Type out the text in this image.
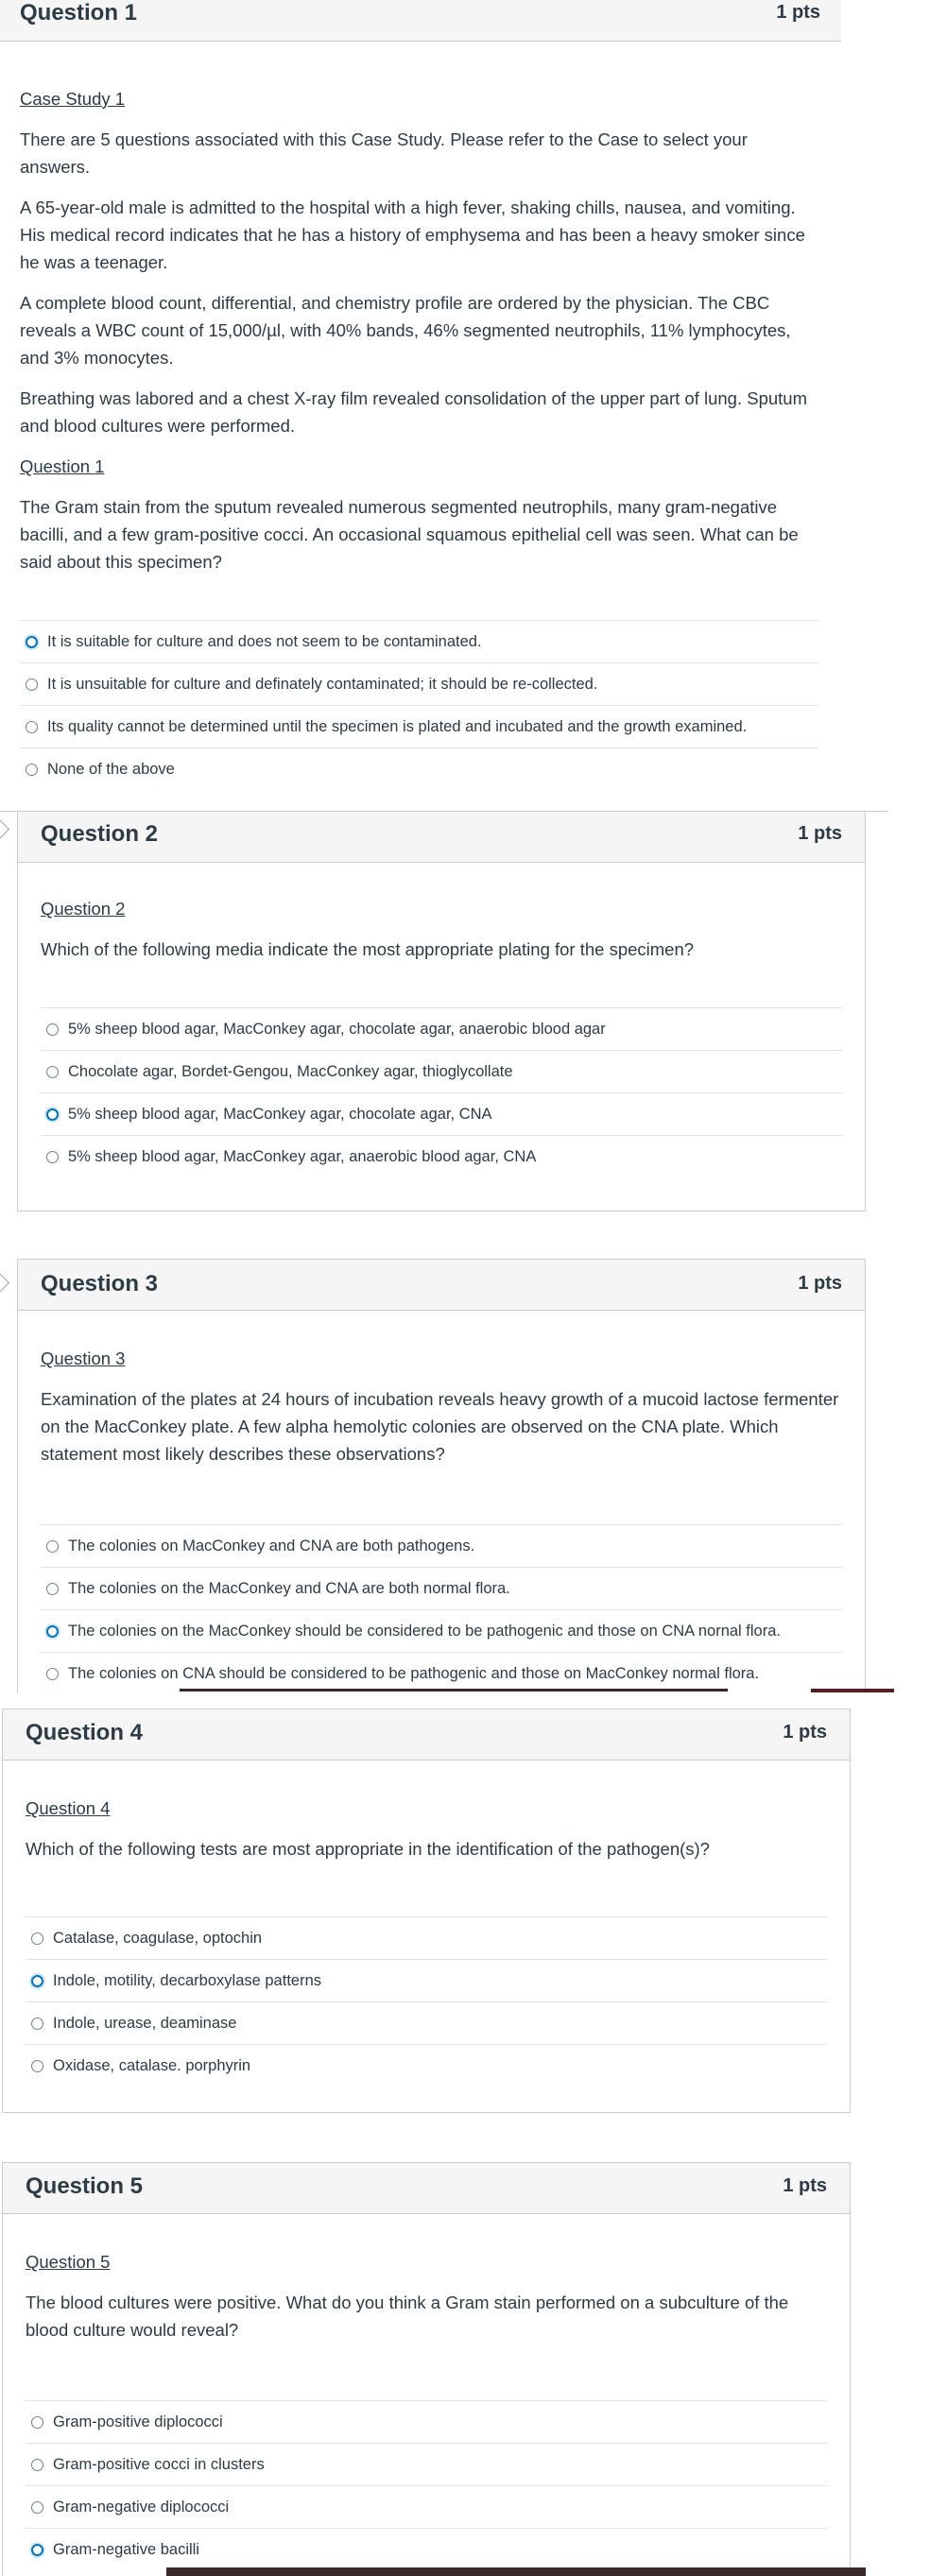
Question 1	1 pts

Case Study 1

There are 5 questions associated with this Case Study. Please refer to the Case to select your answers.

A 65-year-old male is admitted to the hospital with a high fever, shaking chills, nausea, and vomiting. His medical record indicates that he has a history of emphysema and has been a heavy smoker since he was a teenager.

A complete blood count, differential, and chemistry profile are ordered by the physician. The CBC reveals a WBC count of 15,000/µl, with 40% bands, 46% segmented neutrophils, 11% lymphocytes, and 3% monocytes.

Breathing was labored and a chest X-ray film revealed consolidation of the upper part of lung. Sputum and blood cultures were performed.

Question 1

The Gram stain from the sputum revealed numerous segmented neutrophils, many gram-negative bacilli, and a few gram-positive cocci. An occasional squamous epithelial cell was seen. What can be said about this specimen?

It is suitable for culture and does not seem to be contaminated.
It is unsuitable for culture and definately contaminated; it should be re-collected.
Its quality cannot be determined until the specimen is plated and incubated and the growth examined.
None of the above
Question 2	1 pts

Question 2

Which of the following media indicate the most appropriate plating for the specimen?

5% sheep blood agar, MacConkey agar, chocolate agar, anaerobic blood agar
Chocolate agar, Bordet-Gengou, MacConkey agar, thioglycollate
5% sheep blood agar, MacConkey agar, chocolate agar, CNA
5% sheep blood agar, MacConkey agar, anaerobic blood agar, CNA
Question 3	1 pts

Question 3

Examination of the plates at 24 hours of incubation reveals heavy growth of a mucoid lactose fermenter on the MacConkey plate. A few alpha hemolytic colonies are observed on the CNA plate. Which statement most likely describes these observations?

The colonies on MacConkey and CNA are both pathogens.
The colonies on the MacConkey and CNA are both normal flora.
The colonies on the MacConkey should be considered to be pathogenic and those on CNA nornal flora.
The colonies on CNA should be considered to be pathogenic and those on MacConkey normal flora.
Question 4	1 pts

Question 4

Which of the following tests are most appropriate in the identification of the pathogen(s)?

Catalase, coagulase, optochin
Indole, motility, decarboxylase patterns
Indole, urease, deaminase
Oxidase, catalase. porphyrin
Question 5	1 pts

Question 5

The blood cultures were positive. What do you think a Gram stain performed on a subculture of the blood culture would reveal?

Gram-positive diplococci
Gram-positive cocci in clusters
Gram-negative diplococci
Gram-negative bacilli
